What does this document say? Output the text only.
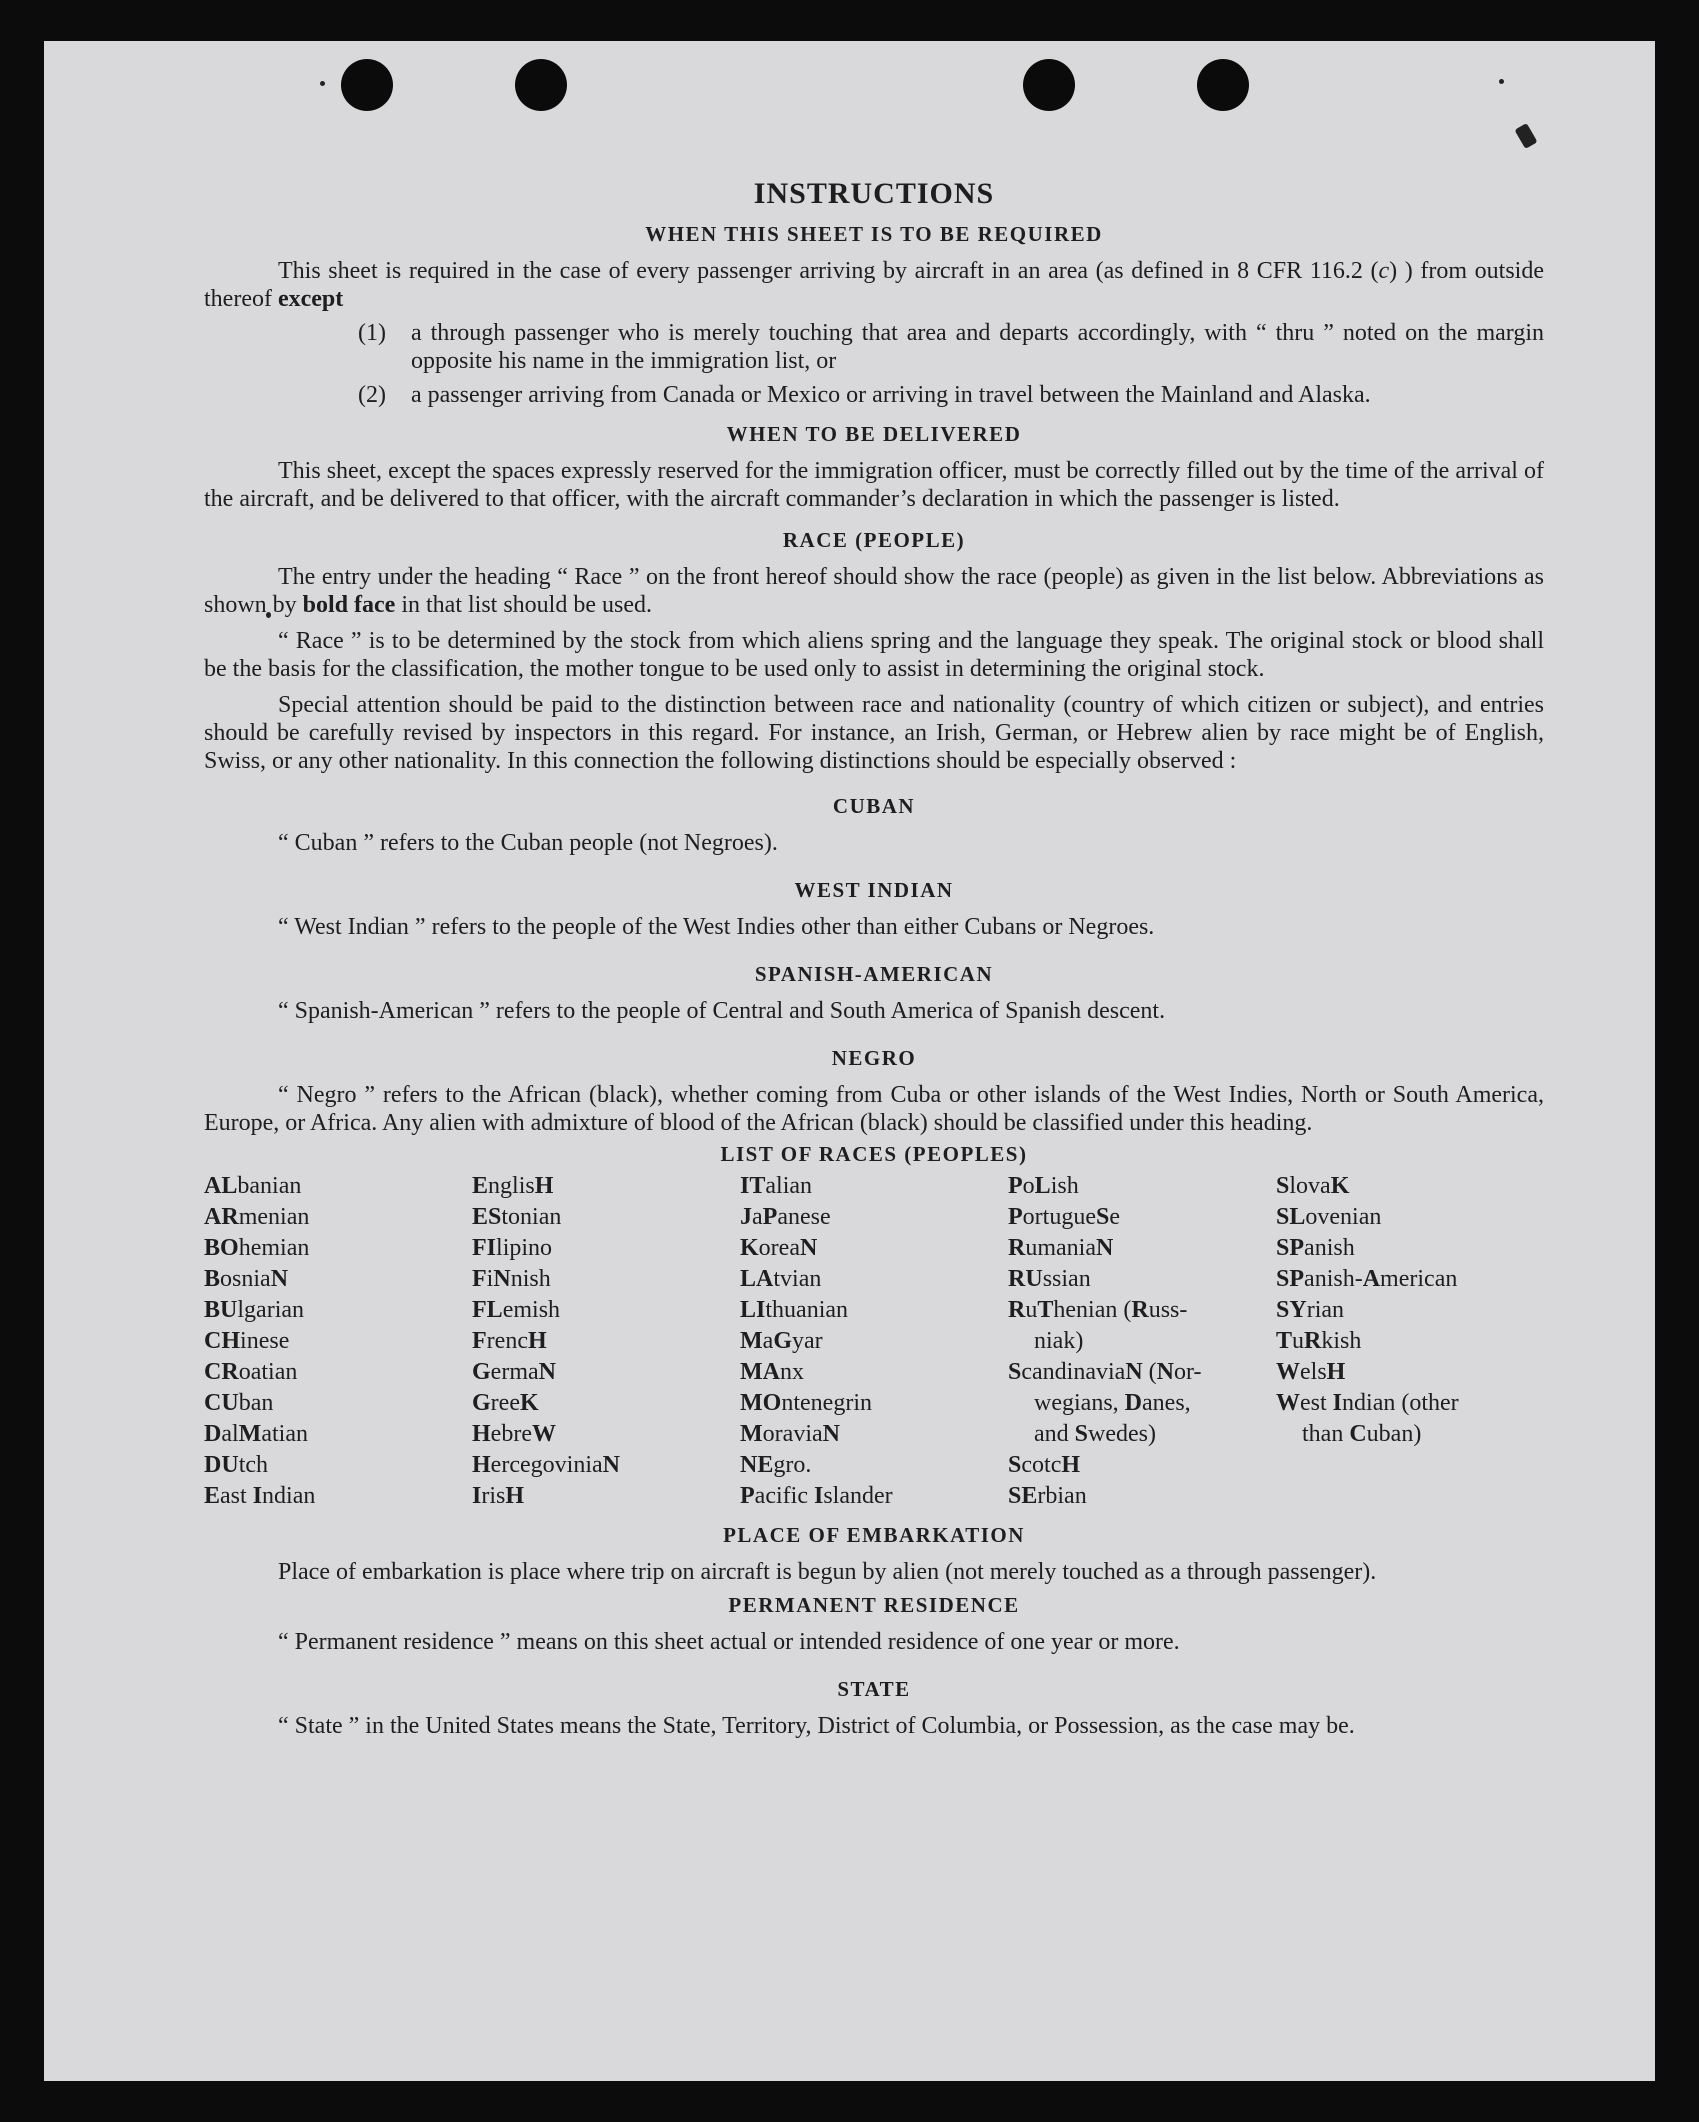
INSTRUCTIONS
WHEN THIS SHEET IS TO BE REQUIRED

This sheet is required in the case of every passenger arriving by aircraft in an area (as defined in 8 CFR 116.2 (c) ) from outside thereof except

(1)	a through passenger who is merely touching that area and departs accordingly, with “ thru ” noted on the margin opposite his name in the immigration list, or
(2)	a passenger arriving from Canada or Mexico or arriving in travel between the Mainland and Alaska.
WHEN TO BE DELIVERED

This sheet, except the spaces expressly reserved for the immigration officer, must be correctly filled out by the time of the arrival of the aircraft, and be delivered to that officer, with the aircraft commander’s declaration in which the passenger is listed.

RACE (PEOPLE)

The entry under the heading “ Race ” on the front hereof should show the race (people) as given in the list below. Abbreviations as shown by bold face in that list should be used.

“ Race ” is to be determined by the stock from which aliens spring and the language they speak. The original stock or blood shall be the basis for the classification, the mother tongue to be used only to assist in determining the original stock.

Special attention should be paid to the distinction between race and nationality (country of which citizen or subject), and entries should be carefully revised by inspectors in this regard. For instance, an Irish, German, or Hebrew alien by race might be of English, Swiss, or any other nationality. In this connection the following distinctions should be especially observed :

CUBAN

“ Cuban ” refers to the Cuban people (not Negroes).

WEST INDIAN

“ West Indian ” refers to the people of the West Indies other than either Cubans or Negroes.

SPANISH-AMERICAN

“ Spanish-American ” refers to the people of Central and South America of Spanish descent.

NEGRO

“ Negro ” refers to the African (black), whether coming from Cuba or other islands of the West Indies, North or South America, Europe, or Africa. Any alien with admixture of blood of the African (black) should be classified under this heading.

LIST OF RACES (PEOPLES)
ALbanian
ARmenian
BOhemian
BosniaN
BUlgarian
CHinese
CRoatian
CUban
DalMatian
DUtch
East Indian
EnglisH
EStonian
FIlipino
FiNnish
FLemish
FrencH
GermaN
GreeK
HebreW
HercegoviniaN
IrisH
ITalian
JaPanese
KoreaN
LAtvian
LIthuanian
MaGyar
MAnx
MOntenegrin
MoraviaN
NEgro.
Pacific Islander
PoLish
PortugueSe
RumaniaN
RUssian
RuThenian (Russ-
niak)
ScandinaviaN (Nor-
wegians, Danes,
and Swedes)
ScotcH
SErbian
SlovaK
SLovenian
SPanish
SPanish-American
SYrian
TuRkish
WelsH
West Indian (other
than Cuban)
PLACE OF EMBARKATION

Place of embarkation is place where trip on aircraft is begun by alien (not merely touched as a through passenger).

PERMANENT RESIDENCE

“ Permanent residence ” means on this sheet actual or intended residence of one year or more.

STATE

“ State ” in the United States means the State, Territory, District of Columbia, or Possession, as the case may be.
